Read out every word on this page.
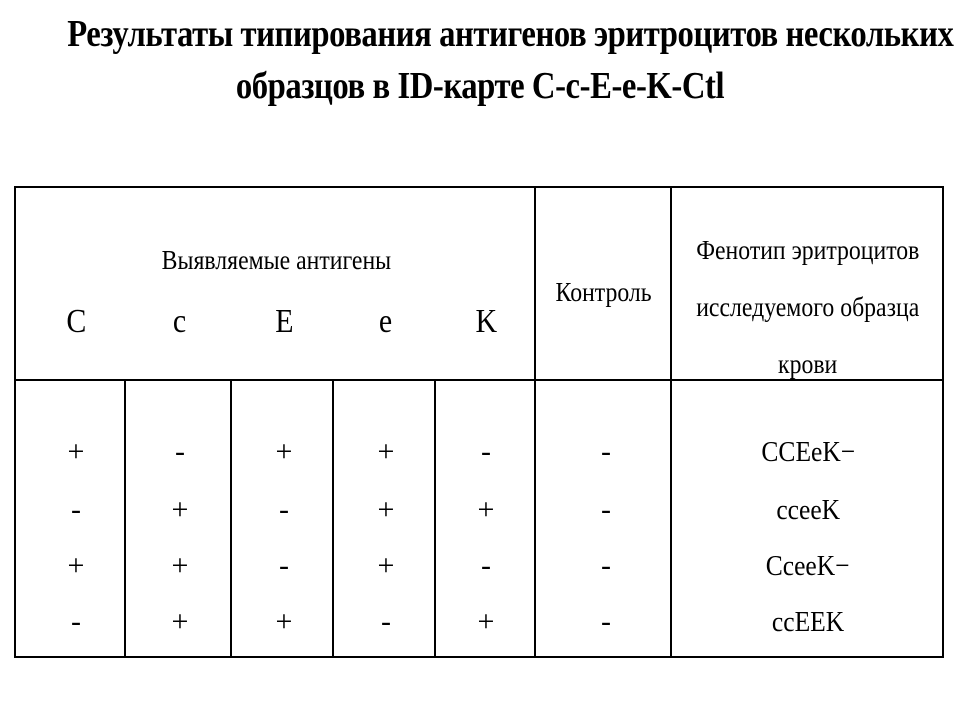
Результаты типирования антигенов эритроцитов нескольких
образцов в ID-карте C-c-E-e-K-Ctl
Выявляемые антигены
C	c	E	e	K
Контроль
Фенотип эритроцитов
исследуемого образца
крови
+	-	+	+	-	-	CCEeK−
-	+	-	+	+	-	cceeK
+	+	-	+	-	-	CceeK−
-	+	+	-	+	-	ccEEK
